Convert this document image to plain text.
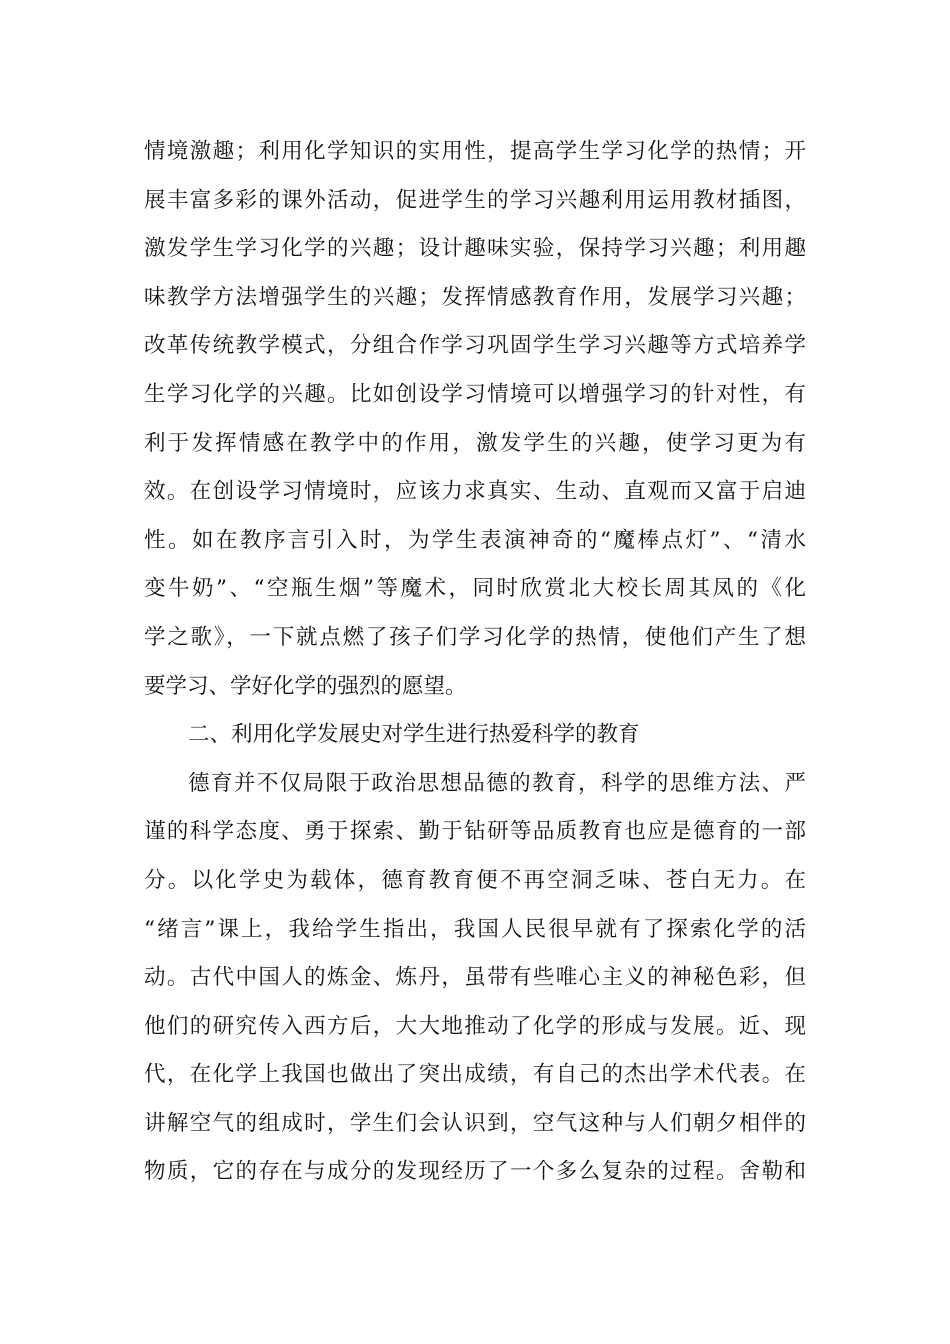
情境激趣；利用化学知识的实用性，提高学生学习化学的热情；开
展丰富多彩的课外活动，促进学生的学习兴趣利用运用教材插图，
激发学生学习化学的兴趣；设计趣味实验，保持学习兴趣；利用趣
味教学方法增强学生的兴趣；发挥情感教育作用，发展学习兴趣；
改革传统教学模式，分组合作学习巩固学生学习兴趣等方式培养学
生学习化学的兴趣。比如创设学习情境可以增强学习的针对性，有
利于发挥情感在教学中的作用，激发学生的兴趣，使学习更为有
效。在创设学习情境时，应该力求真实、生动、直观而又富于启迪
性。如在教序言引入时，为学生表演神奇的“魔棒点灯”、“清水
变牛奶”、“空瓶生烟”等魔术，同时欣赏北大校长周其凤的《化
学之歌》，一下就点燃了孩子们学习化学的热情，使他们产生了想
要学习、学好化学的强烈的愿望。
二、利用化学发展史对学生进行热爱科学的教育
德育并不仅局限于政治思想品德的教育，科学的思维方法、严
谨的科学态度、勇于探索、勤于钻研等品质教育也应是德育的一部
分。以化学史为载体，德育教育便不再空洞乏味、苍白无力。在
“绪言”课上，我给学生指出，我国人民很早就有了探索化学的活
动。古代中国人的炼金、炼丹，虽带有些唯心主义的神秘色彩，但
他们的研究传入西方后，大大地推动了化学的形成与发展。近、现
代，在化学上我国也做出了突出成绩，有自己的杰出学术代表。在
讲解空气的组成时，学生们会认识到，空气这种与人们朝夕相伴的
物质，它的存在与成分的发现经历了一个多么复杂的过程。舍勒和
